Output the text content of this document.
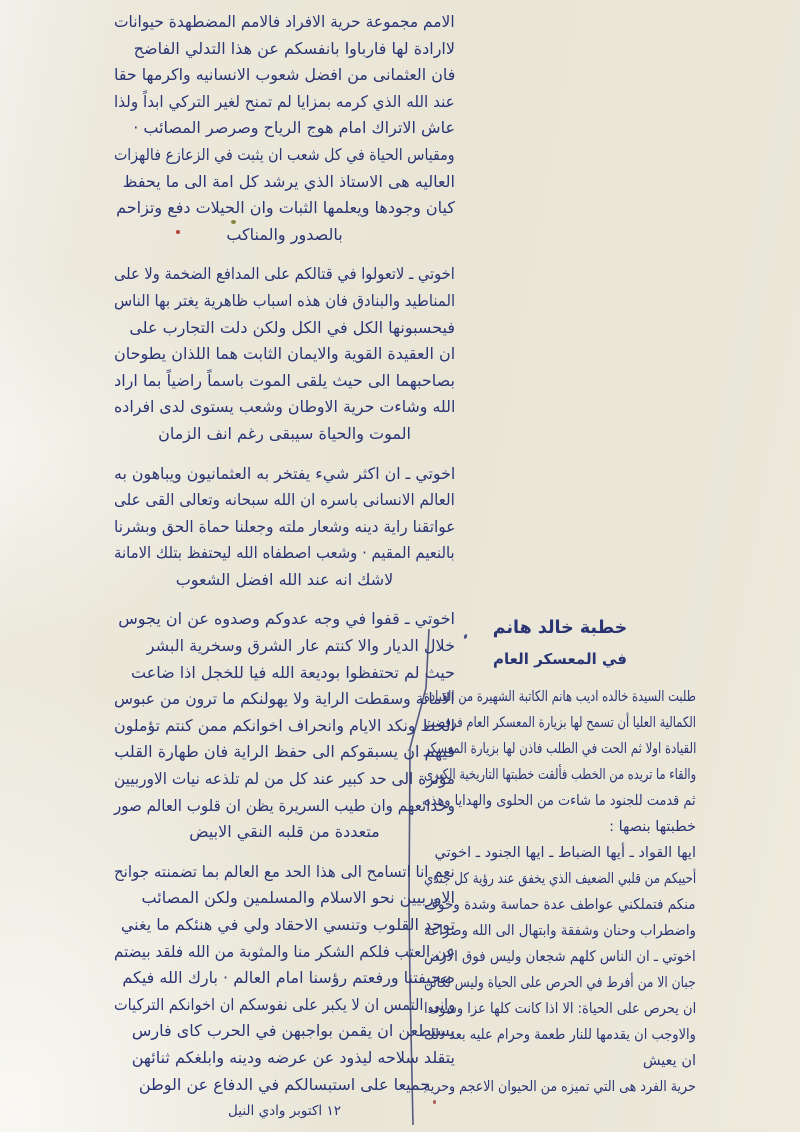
الامم مجموعة حرية الافراد فالامم المضطهدة حيوانات
لاارادة لها فارباوا بانفسكم عن هذا التدلي الفاضح
فان العثمانى من افضل شعوب الانسانيه واكرمها حقا
عند الله الذي كرمه بمزايا لم تمنح لغير التركي ابداً ولذا
عاش الاتراك امام هوج الرياح وصرصر المصائب ·
ومقياس الحياة في كل شعب ان يثبت في الزعازع فالهزات
العاليه هى الاستاذ الذي يرشد كل امة الى ما يحفظ
كيان وجودها ويعلمها الثبات وان الحيلات دفع وتزاحم
بالصدور والمناكب
اخوتي ـ لاتعولوا في قتالكم على المدافع الضخمة ولا على
المناطيد والبنادق فان هذه اسباب ظاهرية يغتر بها الناس
فيحسبونها الكل في الكل ولكن دلت التجارب على
ان العقيدة القوية والايمان الثابت هما اللذان يطوحان
بصاحبهما الى حيث يلقى الموت باسماً راضياً بما اراد
الله وشاءت حرية الاوطان وشعب يستوى لدى افراده
الموت والحياة سيبقى رغم انف الزمان
اخوتي ـ ان اكثر شيء يفتخر به العثمانيون ويباهون به
العالم الانسانى باسره ان الله سبحانه وتعالى القى على
عواتقنا راية دينه وشعار ملته وجعلنا حماة الحق وبشرنا
بالنعيم المقيم · وشعب اصطفاه الله ليحتفظ بتلك الامانة
لاشك انه عند الله افضل الشعوب
اخوتي ـ قفوا في وجه عدوكم وصدوه عن ان يجوس
خلال الديار والا كنتم عار الشرق وسخرية البشر
حيث لم تحتفظوا بوديعة الله فيا للخجل اذا ضاعت
الامانة وسقطت الراية ولا يهولنكم ما ترون من عبوس
الحظ ونكد الايام وانحراف اخوانكم ممن كنتم تؤملون
فيهم ان يسبقوكم الى حفظ الراية فان طهارة القلب
مؤثرة الى حد كبير عند كل من لم تلذعه نيات الاوربيين
وخدائعهم وان طيب السريرة يظن ان قلوب العالم صور
متعددة من قلبه النقي الابيض
نعم انا اتسامح الى هذا الحد مع العالم بما تضمنته جوانح
الاوربيين نحو الاسلام والمسلمين ولكن المصائب
توحد القلوب وتنسي الاحقاد ولي في هنئكم ما يغني
عن العتب فلكم الشكر منا والمثوبة من الله فلقد بيضتم
صحيفتنا ورفعتم رؤسنا امام العالم · بارك الله فيكم
واني التمس ان لا يكبر على نفوسكم ان اخوانكم التركيات
يستطعن ان يقمن بواجبهن في الحرب كاى فارس
يتقلد سلاحه ليذود عن عرضه ودينه وابلغكم ثنائهن
جميعا على استبسالكم في الدفاع عن الوطن
١٢ اكتوبر وادي النيل
خطبة خالد هانم
في المعسكر العام
طلبت السيدة خالده اديب هانم الكاتبة الشهيرة من القيادة
الكمالية العليا أن تسمح لها بزيارة المعسكر العام فرفضت
القيادة اولا ثم الحت في الطلب فاذن لها بزيارة المعسكر
والقاء ما تريده من الخطب فألقت خطبتها التاريخية الكبرى
ثم قدمت للجنود ما شاءت من الحلوى والهدايا وهذه
خطبتها بنصها :
ايها القواد ـ أيها الضباط ـ ايها الجنود ـ اخوتي
أحييكم من قلبي الضعيف الذي يخفق عند رؤية كل جندي
منكم فتملكني عواطف عدة حماسة وشدة وخوف
واضطراب وحنان وشفقة وابتهال الى الله وضراعة
اخوتي ـ ان الناس كلهم شجعان وليس فوق الارض
جبان الا من أفرط في الحرص على الحياة وليس لكائن
ان يحرص على الحياة: الا اذا كانت كلها عزا وسوددا
والاوجب ان يقدمها للنار طعمة وحرام عليه بعد ذلك
ان يعيش
حرية الفرد هى التي تميزه من الحيوان الاعجم وحرية
